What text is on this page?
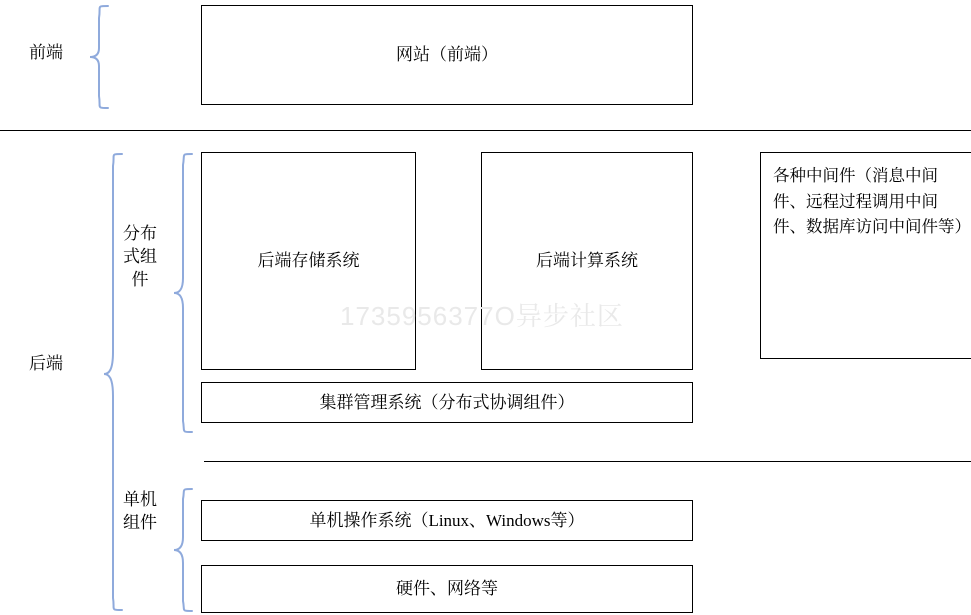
前端	网站（前端）
后端
分布式组件
后端存储系统	后端计算系统
各种中间件（消息中间件、远程过程调用中间件、数据库访问中间件等）
1735956377O异步社区
集群管理系统（分布式协调组件）
单机组件	单机操作系统（Linux、Windows等）
硬件、网络等
